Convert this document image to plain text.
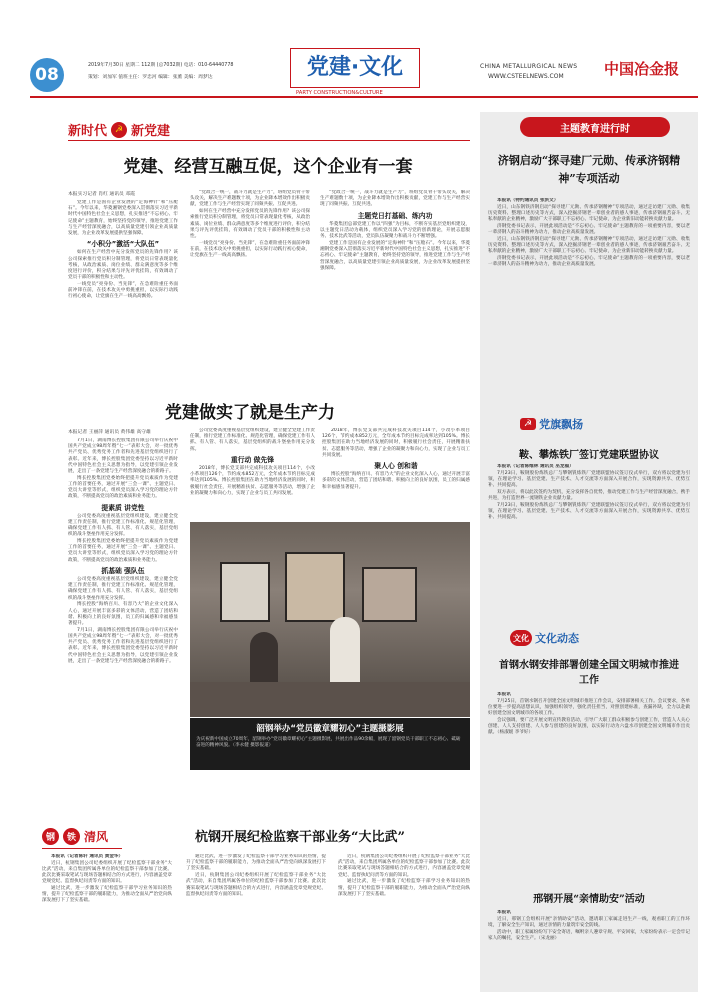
08	2019年7月30日 星期二 112期 (总7032期) 电话：010-64440778
策划：刘加军 值班主任：罗忠河 编辑：张薰 美编：周梦达	党建·文化
PARTY CONSTRUCTION&CULTURE
CHINA METALLURGICAL NEWS
WWW.CSTEELNEWS.COM	中国冶金报
新时代 ☭ 新党建
党建、经营互融互促，这个企业有一套
本报实习记者 肖红 通讯员 邓霞

党建工作是国有企业发展的“定海神针”和“压舱石”。今年以来，华菱湘钢党委深入贯彻落实习近平新时代中国特色社会主义思想，扎实推进“不忘初心、牢记使命”主题教育，始终坚持党的领导，推进党建工作与生产经营深度融合，以高质量党建引领企业高质量发展，为企业改革发展提供坚强保障。

“小积分”激活“大队伍”

如何在生产经营中充分发挥党员的先锋作用？该公司探索推行党员积分制管理，将党员日常表现量化考核，从政治素质、岗位业绩、群众满意度等多个维度进行评价，积分结果与评先评优挂钩，有效调动了党员干部的积极性和主动性。

一线党员“亮身份、当先锋”，在急难险重任务面前冲锋在前，在技术攻关中勇挑重担，以实际行动践行初心使命，让党旗在生产一线高高飘扬。

“党政合一统一，战斗力就是生产力”，班组党员骨干带头攻关，解决生产难题数十项，为企业降本增效作出积极贡献，党建工作与生产经营实现了同频共振、互促共进。

如何在生产经营中充分发挥党员的先锋作用？该公司探索推行党员积分制管理，将党员日常表现量化考核，从政治素质、岗位业绩、群众满意度等多个维度进行评价，积分结果与评先评优挂钩，有效调动了党员干部的积极性和主动性。

一线党员“亮身份、当先锋”，在急难险重任务面前冲锋在前，在技术攻关中勇挑重担，以实际行动践行初心使命，让党旗在生产一线高高飘扬。

“党政合一统一，战斗力就是生产力”，班组党员骨干带头攻关，解决生产难题数十项，为企业降本增效作出积极贡献，党建工作与生产经营实现了同频共振、互促共进。

主题党日打基础、练内功

华菱集团总部党建工作以“四强”为目标，不断夯实基层党组织建设，以主题党日活动为载体，组织党员深入学习党的创新理论，开展志愿服务、技术比武等活动，党员队伍凝聚力和战斗力不断增强。

党建工作是国有企业发展的“定海神针”和“压舱石”。今年以来，华菱湘钢党委深入贯彻落实习近平新时代中国特色社会主义思想，扎实推进“不忘初心、牢记使命”主题教育，始终坚持党的领导，推进党建工作与生产经营深度融合，以高质量党建引领企业高质量发展，为企业改革发展提供坚强保障。

党建做实了就是生产力
本报记者 王丽萍 通讯员 黄伟雄 高守雄

7月1日，湖南博长控股集团有限公司举行庆祝中国共产党成立98周年暨“七一”表彰大会，对一批优秀共产党员、优秀党务工作者和先进基层党组织进行了表彰。近年来，博长控股集团党委坚持以习近平新时代中国特色社会主义思想为指导，以党建引领企业发展，走出了一条党建与生产经营深度融合的新路子。

博长控股集团党委始终把提升党员素质作为党建工作的首要任务，通过开展“三会一课”、主题党日、党员大讲堂等形式，组织党员深入学习党的理论方针政策，不断提高党员的政治素质和业务能力。

提素质 讲党性

公司党委高度重视基层党组织建设，建立健全党建工作责任制，推行党建工作标准化、规范化管理，确保党建工作有人抓、有人管、有人落实，基层党组织的战斗堡垒作用充分发挥。

博长控股集团党委始终把提升党员素质作为党建工作的首要任务，通过开展“三会一课”、主题党日、党员大讲堂等形式，组织党员深入学习党的理论方针政策，不断提高党员的政治素质和业务能力。

抓基础 强队伍

公司党委高度重视基层党组织建设，建立健全党建工作责任制，推行党建工作标准化、规范化管理，确保党建工作有人抓、有人管、有人落实，基层党组织的战斗堡垒作用充分发挥。

博长控股“海纳百川、有容乃大”的企业文化深入人心，通过开展丰富多彩的文体活动，营造了团结和谐、积极向上的良好氛围，员工的归属感和幸福感显著提升。

7月1日，湖南博长控股集团有限公司举行庆祝中国共产党成立98周年暨“七一”表彰大会，对一批优秀共产党员、优秀党务工作者和先进基层党组织进行了表彰。近年来，博长控股集团党委坚持以习近平新时代中国特色社会主义思想为指导，以党建引领企业发展，走出了一条党建与生产经营深度融合的新路子。

公司党委高度重视基层党组织建设，建立健全党建工作责任制，推行党建工作标准化、规范化管理，确保党建工作有人抓、有人管、有人落实，基层党组织的战斗堡垒作用充分发挥。

重行动 做先锋

2018年，博长党支部共完成科技攻关项目114个，小改小革项目126个，节约成本852万元，全年成本节约目标完成率达到105%。博长控股集团在助力当地经济发展的同时，积极履行社会责任，开展精准扶贫、志愿服务等活动，增强了企业的凝聚力和向心力，实现了企业与员工共同发展。

2018年，博长党支部共完成科技攻关项目114个，小改小革项目126个，节约成本852万元，全年成本节约目标完成率达到105%。博长控股集团在助力当地经济发展的同时，积极履行社会责任，开展精准扶贫、志愿服务等活动，增强了企业的凝聚力和向心力，实现了企业与员工共同发展。

聚人心 创和谐

博长控股“海纳百川、有容乃大”的企业文化深入人心，通过开展丰富多彩的文体活动，营造了团结和谐、积极向上的良好氛围，员工的归属感和幸福感显著提升。

韶钢举办“党员徽章耀初心”主题摄影展
为庆祝新中国成立70周年，韶钢举办“党员徽章耀初心”主题摄影展，共展出作品90余幅，展现了韶钢党员干部职工不忘初心、砥砺奋进的精神风貌。（李永健 摄影报道）
钢	铁 清风	杭钢开展纪检监察干部业务“大比武”

本报讯（记者陈轩 通讯员 黄金华）

近日，杭钢集团公司纪委组织开展了纪检监察干部业务“大比武”活动，来自集团所属各单位的纪检监察干部参加了比赛。此次比赛采取笔试与现场答题相结合的方式进行，内容涵盖党章党规党纪、监督执纪问责等方面的知识。

通过比武，进一步激发了纪检监察干部学习业务知识的热情，提升了纪检监察干部的履职能力，为推动全面从严治党向纵深发展打下了坚实基础。

通过比武，进一步激发了纪检监察干部学习业务知识的热情，提升了纪检监察干部的履职能力，为推动全面从严治党向纵深发展打下了坚实基础。

近日，杭钢集团公司纪委组织开展了纪检监察干部业务“大比武”活动，来自集团所属各单位的纪检监察干部参加了比赛。此次比赛采取笔试与现场答题相结合的方式进行，内容涵盖党章党规党纪、监督执纪问责等方面的知识。

近日，杭钢集团公司纪委组织开展了纪检监察干部业务“大比武”活动，来自集团所属各单位的纪检监察干部参加了比赛。此次比赛采取笔试与现场答题相结合的方式进行，内容涵盖党章党规党纪、监督执纪问责等方面的知识。

通过比武，进一步激发了纪检监察干部学习业务知识的热情，提升了纪检监察干部的履职能力，为推动全面从严治党向纵深发展打下了坚实基础。

主题教育进行时
济钢启动“探寻建厂元勋、传承济钢精神”专项活动

本报讯（特约通讯员 张洪文）

近日，山东钢铁济钢启动“探寻建厂元勋、传承济钢精神”专项活动，通过走访建厂元勋、收集历史资料、整理口述历史等方式，深入挖掘济钢老一辈创业者的感人事迹，传承济钢艰苦奋斗、无私奉献的企业精神，激励广大干部职工不忘初心、牢记使命，为企业新旧动能转换贡献力量。

济钢党委书记表示，开展此项活动是“不忘初心、牢记使命”主题教育的一项重要内容，要以老一辈济钢人的奋斗精神为动力，推动企业高质量发展。

近日，山东钢铁济钢启动“探寻建厂元勋、传承济钢精神”专项活动，通过走访建厂元勋、收集历史资料、整理口述历史等方式，深入挖掘济钢老一辈创业者的感人事迹，传承济钢艰苦奋斗、无私奉献的企业精神，激励广大干部职工不忘初心、牢记使命，为企业新旧动能转换贡献力量。

济钢党委书记表示，开展此项活动是“不忘初心、牢记使命”主题教育的一项重要内容，要以老一辈济钢人的奋斗精神为动力，推动企业高质量发展。

☭ 党旗飘扬
鞍、攀炼铁厂签订党建联盟协议

本报讯（记者陈维林 通讯员 巫龙福）

7月23日，鞍钢股份炼铁总厂与攀钢钒炼铁厂党建联盟协议签订仪式举行，双方将以党建为引领，在理论学习、基层党建、生产技术、人才交流等方面深入开展合作，实现资源共享、优势互补、共同提高。

双方表示，将以此次签约为契机，充分发挥各自优势，推动党建工作与生产经营深度融合，携手共进，为打造世界一流钢铁企业贡献力量。

7月23日，鞍钢股份炼铁总厂与攀钢钒炼铁厂党建联盟协议签订仪式举行，双方将以党建为引领，在理论学习、基层党建、生产技术、人才交流等方面深入开展合作，实现资源共享、优势互补、共同提高。

文化 文化动态
首钢水钢安排部署创建全国文明城市推进工作

本报讯

7月25日，首钢水钢召开创建全国文明城市推进工作会议，安排部署相关工作。会议要求，各单位要进一步提高思想认识，加强组织领导，强化责任担当，对照创建标准，查漏补缺，全力以赴做好创建全国文明城市的各项工作。

会议强调，要广泛开展文明宣传教育活动，引导广大职工群众积极参与创建工作，营造人人关心创建、人人支持创建、人人参与创建的良好氛围，以实际行动为六盘水市创建全国文明城市作出贡献。（杨淑媛 李爷好）

邢钢开展“亲情助安”活动

本报讯

近日，邢钢工会组织开展“亲情助安”活动，邀请职工家属走进生产一线，观看职工的工作环境，了解安全生产知识，通过亲情的力量筑牢安全防线。

活动中，职工家属纷纷写下安全寄语，嘱咐亲人遵章守规、平安回家，大家纷纷表示一定会牢记家人的嘱托，安全生产。（宋龙丽）
